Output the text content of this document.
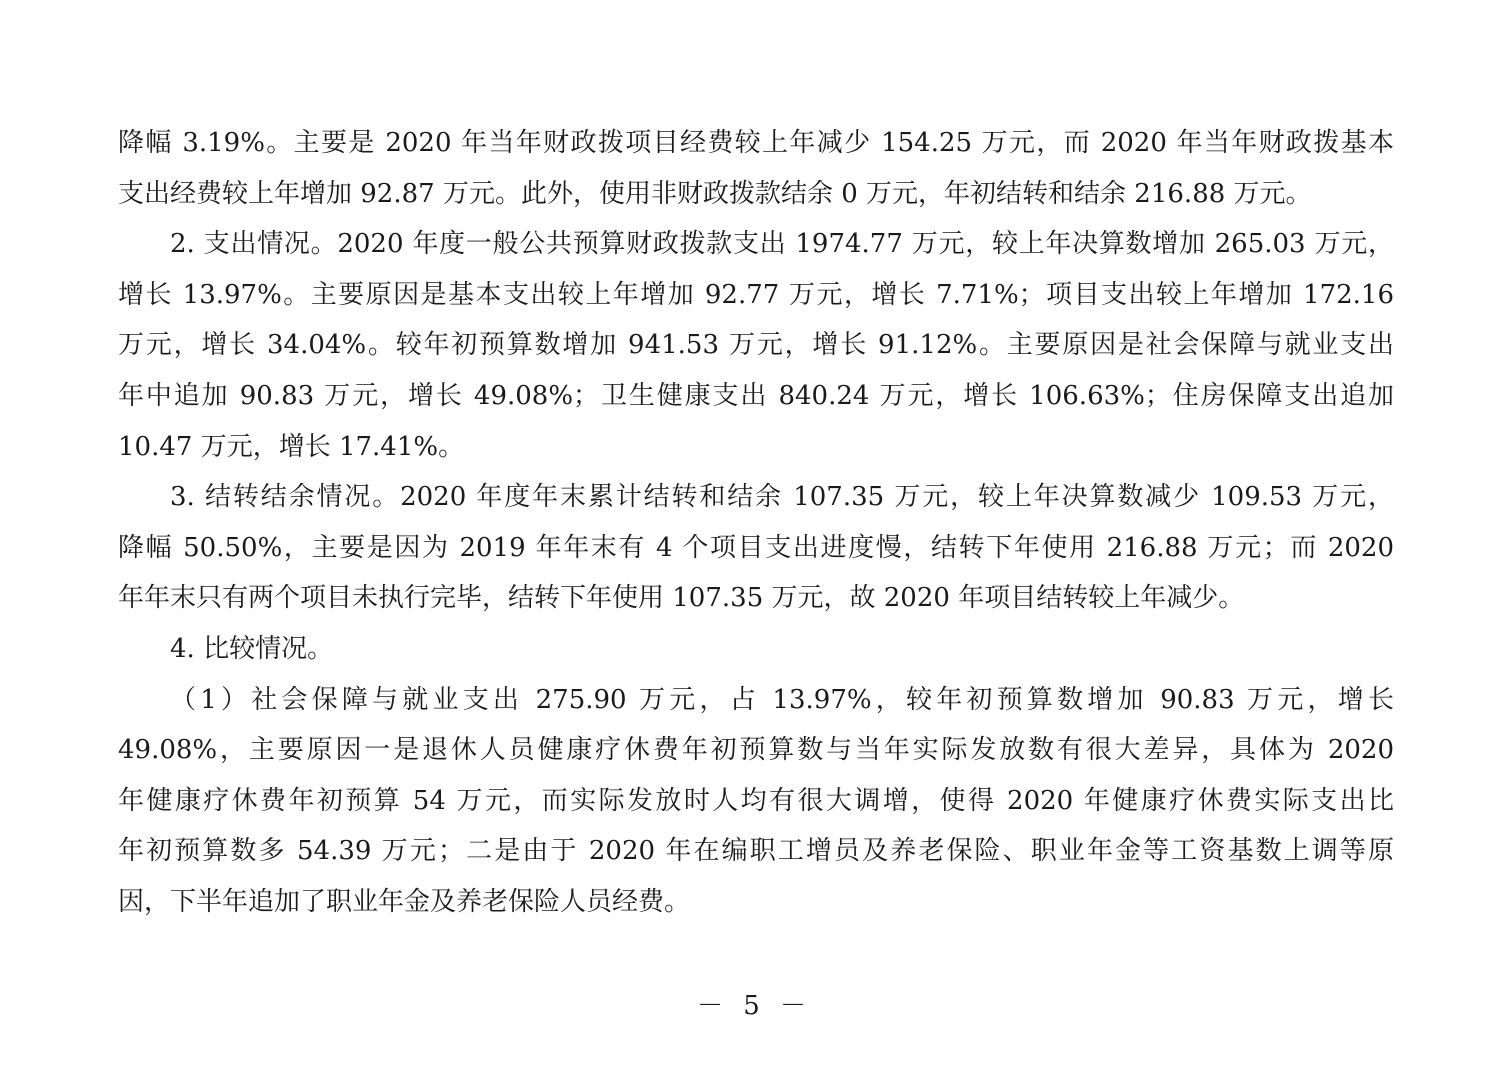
降幅 3.19%。主要是 2020 年当年财政拨项目经费较上年减少 154.25 万元，而 2020 年当年财政拨基本
支出经费较上年增加 92.87 万元。此外，使用非财政拨款结余 0 万元，年初结转和结余 216.88 万元。
2. 支出情况。2020 年度一般公共预算财政拨款支出 1974.77 万元，较上年决算数增加 265.03 万元，
增长 13.97%。主要原因是基本支出较上年增加 92.77 万元，增长 7.71%；项目支出较上年增加 172.16
万元，增长 34.04%。较年初预算数增加 941.53 万元，增长 91.12%。主要原因是社会保障与就业支出
年中追加 90.83 万元，增长 49.08%；卫生健康支出 840.24 万元，增长 106.63%；住房保障支出追加
10.47 万元，增长 17.41%。
3. 结转结余情况。2020 年度年末累计结转和结余 107.35 万元，较上年决算数减少 109.53 万元，
降幅 50.50%，主要是因为 2019 年年末有 4 个项目支出进度慢，结转下年使用 216.88 万元；而 2020
年年末只有两个项目未执行完毕，结转下年使用 107.35 万元，故 2020 年项目结转较上年减少。
4. 比较情况。
（1）社会保障与就业支出 275.90 万元，占 13.97%，较年初预算数增加 90.83 万元，增长
49.08%，主要原因一是退休人员健康疗休费年初预算数与当年实际发放数有很大差异，具体为 2020
年健康疗休费年初预算 54 万元，而实际发放时人均有很大调增，使得 2020 年健康疗休费实际支出比
年初预算数多 54.39 万元；二是由于 2020 年在编职工增员及养老保险、职业年金等工资基数上调等原
因，下半年追加了职业年金及养老保险人员经费。
－ 5 －
